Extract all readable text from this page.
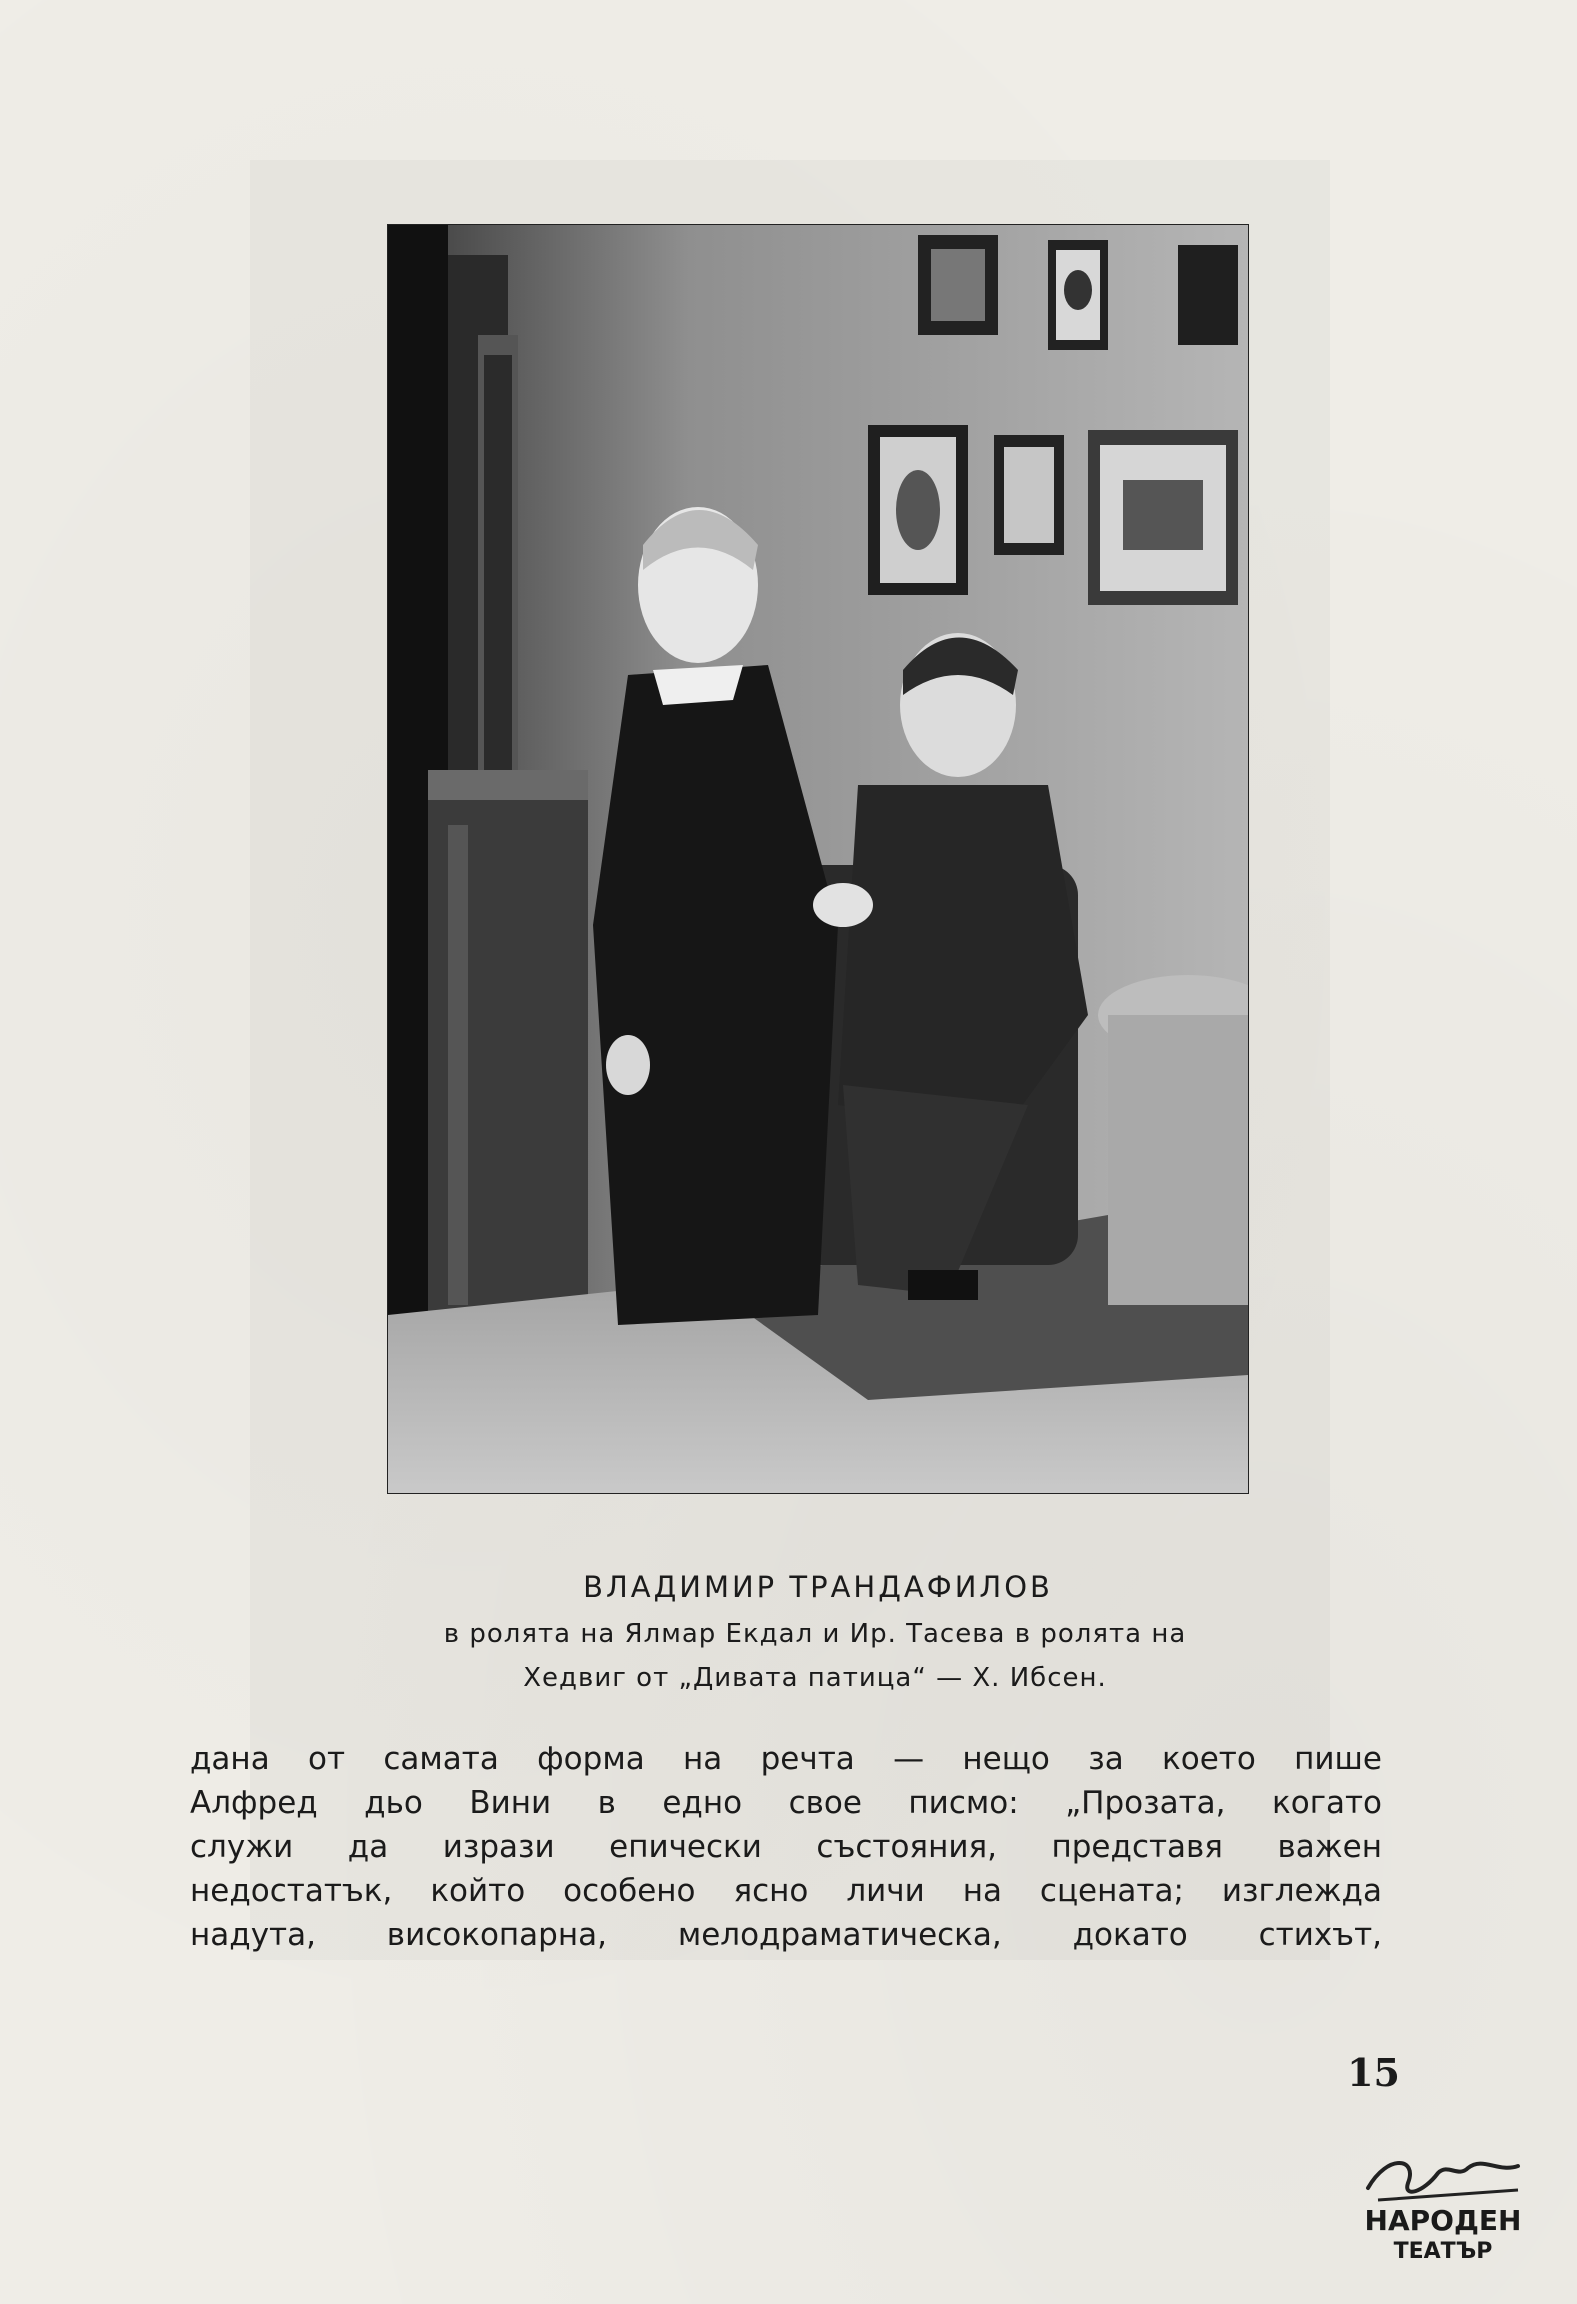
ВЛАДИМИР ТРАНДАФИЛОВ
в ролята на Ялмар Екдал и Ир. Тасева в ролята на
Хедвиг от „Дивата патица“ — Х. Ибсен.
дана от самата форма на речта — нещо за което пише
Алфред дьо Вини в едно свое писмо: „Прозата, когато
служи да изрази епически състояния, представя важен
недостатък, който особено ясно личи на сцената; изглежда
надута, високопарна, мелодраматическа, докато стихът,
15
НАРОДЕН
ТЕАТЪР
